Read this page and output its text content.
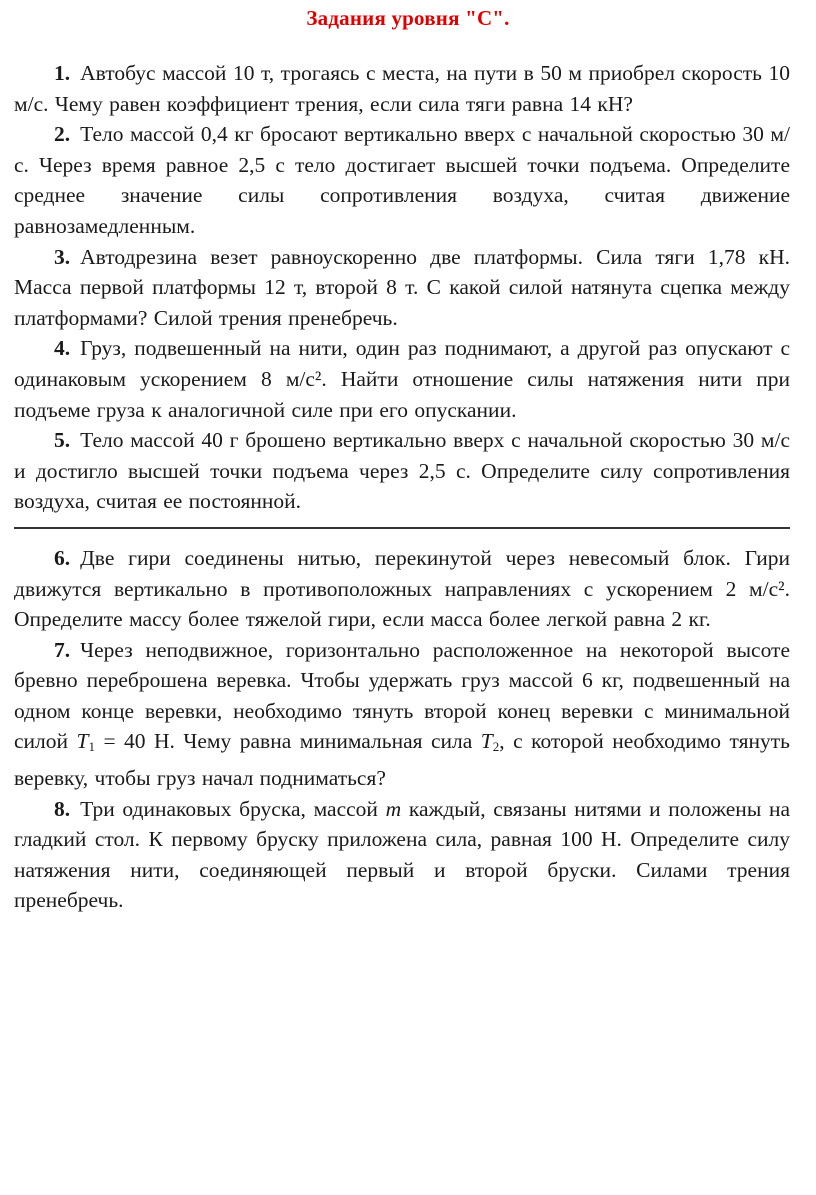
Задания уровня "С".

1. Автобус массой 10 т, трогаясь с места, на пути в 50 м приобрел скорость 10 м/с. Чему равен коэффициент трения, если сила тяги равна 14 кН?

2. Тело массой 0,4 кг бросают вертикально вверх с начальной скоростью 30 м/с. Через время равное 2,5 с тело достигает высшей точки подъема. Определите среднее значение силы сопротивления воздуха, считая движение равнозамедленным.

3. Автодрезина везет равноускоренно две платформы. Сила тяги 1,78 кН. Масса первой платформы 12 т, второй 8 т. С какой силой натянута сцепка между платформами? Силой трения пренебречь.

4. Груз, подвешенный на нити, один раз поднимают, а другой раз опускают с одинаковым ускорением 8 м/с². Найти отношение силы натяжения нити при подъеме груза к аналогичной силе при его опускании.

5. Тело массой 40 г брошено вертикально вверх с начальной скоростью 30 м/с и достигло высшей точки подъема через 2,5 с. Определите силу сопротивления воздуха, считая ее постоянной.

6. Две гири соединены нитью, перекинутой через невесомый блок. Гири движутся вертикально в противоположных направлениях с ускорением 2 м/с². Определите массу более тяжелой гири, если масса более легкой равна 2 кг.

7. Через неподвижное, горизонтально расположенное на некоторой высоте бревно переброшена веревка. Чтобы удержать груз массой 6 кг, подвешенный на одном конце веревки, необходимо тянуть второй конец веревки с минимальной силой $T_1 = 40$ Н. Чему равна минимальная сила $T_2$, с которой необходимо тянуть веревку, чтобы груз начал подниматься?

8. Три одинаковых бруска, массой m каждый, связаны нитями и положены на гладкий стол. К первому бруску приложена сила, равная 100 Н. Определите силу натяжения нити, соединяющей первый и второй бруски. Силами трения пренебречь.
